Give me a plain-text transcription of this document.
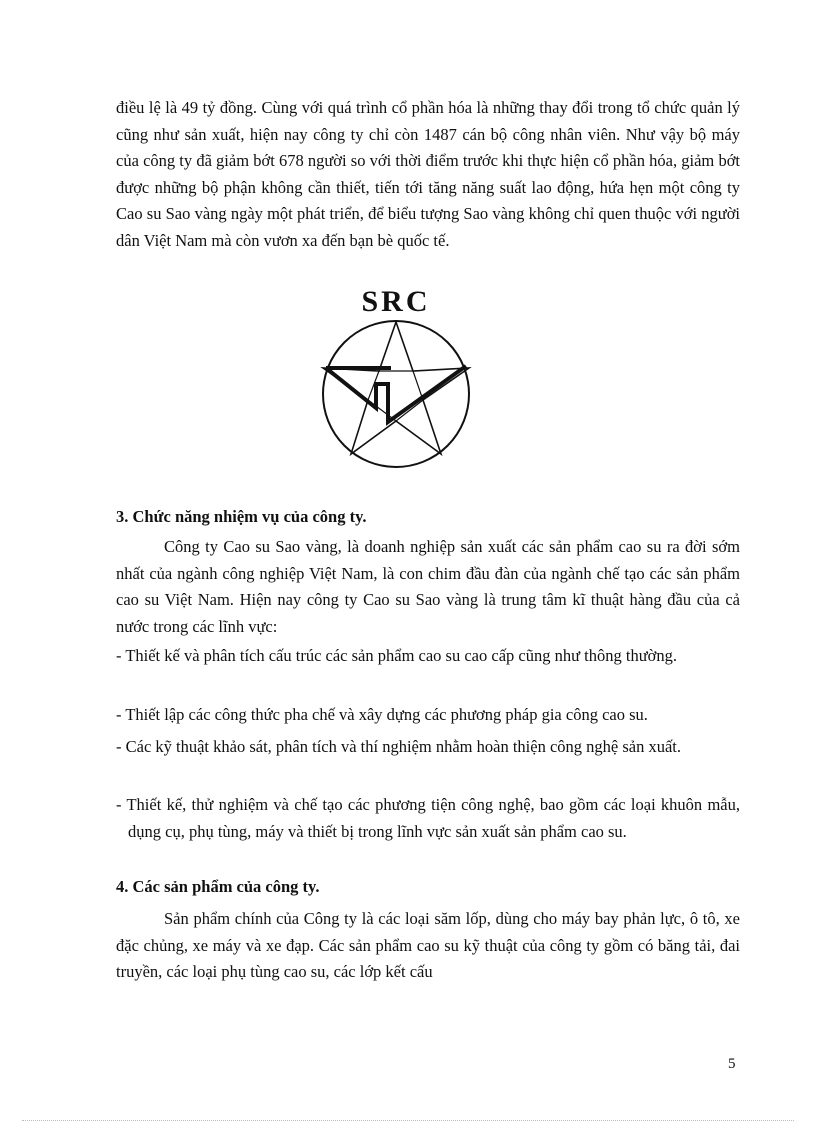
điều lệ là 49 tỷ đồng. Cùng với quá trình cổ phần hóa là những thay đổi trong tổ chức quản lý cũng như sản xuất, hiện nay công ty chỉ còn 1487 cán bộ công nhân viên. Như vậy bộ máy của công ty đã giảm bớt 678 người so với thời điểm trước khi thực hiện cổ phần hóa, giảm bớt được những bộ phận không cần thiết, tiến tới tăng năng suất lao động, hứa hẹn một công ty Cao su Sao vàng ngày một phát triển, để biểu tượng Sao vàng không chỉ quen thuộc với người dân Việt Nam mà còn vươn xa đến bạn bè quốc tế.

SRC

3. Chức năng nhiệm vụ của công ty.

Công ty Cao su Sao vàng, là doanh nghiệp sản xuất các sản phẩm cao su ra đời sớm nhất của ngành công nghiệp Việt Nam, là con chim đầu đàn của ngành chế tạo các sản phẩm cao su Việt Nam. Hiện nay công ty Cao su Sao vàng là trung tâm kĩ thuật hàng đầu của cả nước trong các lĩnh vực:

- Thiết kế và phân tích cấu trúc các sản phẩm cao su cao cấp cũng như thông thường.

- Thiết lập các công thức pha chế và xây dựng các phương pháp gia công cao su.

- Các kỹ thuật khảo sát, phân tích và thí nghiệm nhằm hoàn thiện công nghệ sản xuất.

- Thiết kế, thử nghiệm và chế tạo các phương tiện công nghệ, bao gồm các loại khuôn mẫu, dụng cụ, phụ tùng, máy và thiết bị trong lĩnh vực sản xuất sản phẩm cao su.

4. Các sản phẩm của công ty.

Sản phẩm chính của Công ty là các loại săm lốp, dùng cho máy bay phản lực, ô tô, xe đặc chủng, xe máy và xe đạp. Các sản phẩm cao su kỹ thuật của công ty gồm có băng tải, đai truyền, các loại phụ tùng cao su, các lớp kết cấu

5
